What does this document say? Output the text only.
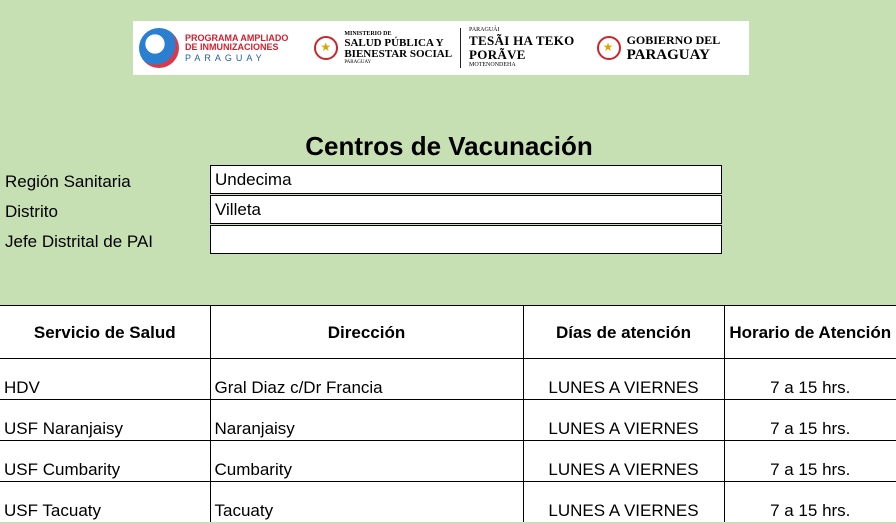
PROGRAMA AMPLIADO
DE INMUNIZACIONES
PARAGUAY
★
MINISTERIO DE
SALUD PÚBLICA Y
BIENESTAR SOCIAL
PARAGUAY
PARAGUÁI
TESÃI HA TEKO
PORÃVE
MOTENONDEHA
★
GOBIERNO DEL
PARAGUAY
Centros de Vacunación
Región Sanitaria	Undecima
Distrito	Villeta
Jefe Distrital de PAI
Servicio de Salud	Dirección	Días de atención	Horario de Atención
HDV	Gral Diaz c/Dr Francia	LUNES A VIERNES	7 a 15 hrs.
USF Naranjaisy	Naranjaisy	LUNES A VIERNES	7 a 15 hrs.
USF Cumbarity	Cumbarity	LUNES A VIERNES	7 a 15 hrs.
USF Tacuaty	Tacuaty	LUNES A VIERNES	7 a 15 hrs.
